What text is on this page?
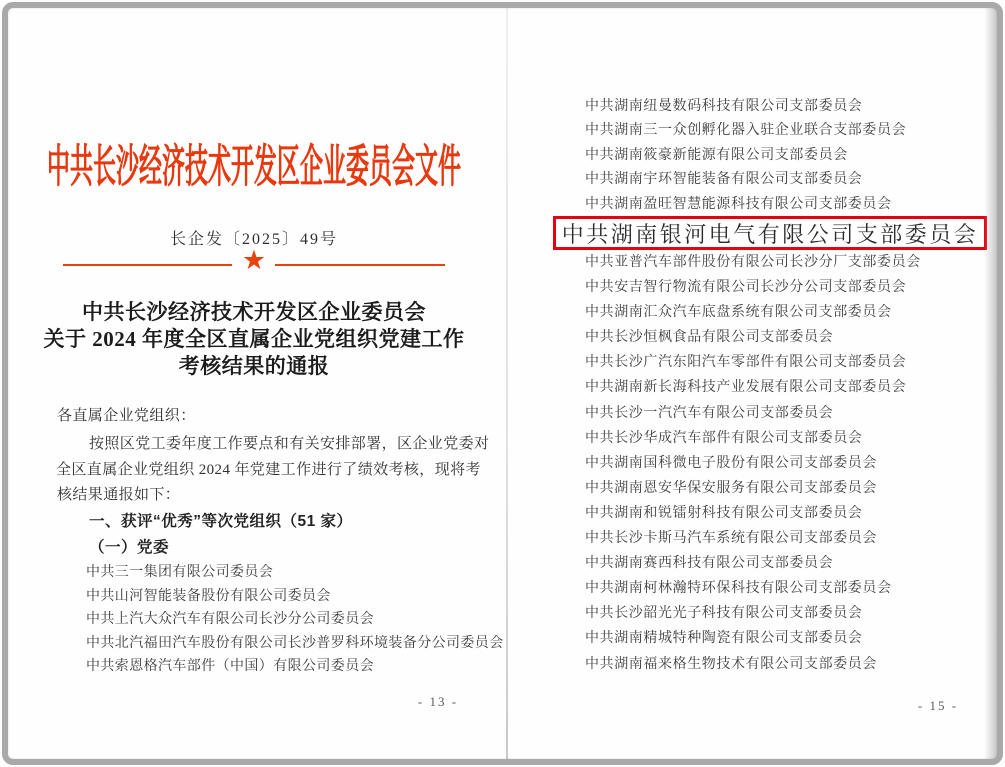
中共长沙经济技术开发区企业委员会文件
长企发〔2025〕49号
★
中共长沙经济技术开发区企业委员会
关于 2024 年度全区直属企业党组织党建工作
考核结果的通报
各直属企业党组织：
按照区党工委年度工作要点和有关安排部署，区企业党委对
全区直属企业党组织 2024 年党建工作进行了绩效考核，现将考
核结果通报如下：
一、获评“优秀”等次党组织（51 家）
（一）党委
中共三一集团有限公司委员会
中共山河智能装备股份有限公司委员会
中共上汽大众汽车有限公司长沙分公司委员会
中共北汽福田汽车股份有限公司长沙普罗科环境装备分公司委员会
中共索恩格汽车部件（中国）有限公司委员会
- 13 -
中共湖南纽曼数码科技有限公司支部委员会
中共湖南三一众创孵化器入驻企业联合支部委员会
中共湖南筱豪新能源有限公司支部委员会
中共湖南宇环智能装备有限公司支部委员会
中共湖南盈旺智慧能源科技有限公司支部委员会
中共湖南银河电气有限公司支部委员会
中共亚普汽车部件股份有限公司长沙分厂支部委员会
中共安吉智行物流有限公司长沙分公司支部委员会
中共湖南汇众汽车底盘系统有限公司支部委员会
中共长沙恒枫食品有限公司支部委员会
中共长沙广汽东阳汽车零部件有限公司支部委员会
中共湖南新长海科技产业发展有限公司支部委员会
中共长沙一汽汽车有限公司支部委员会
中共长沙华成汽车部件有限公司支部委员会
中共湖南国科微电子股份有限公司支部委员会
中共湖南恩安华保安服务有限公司支部委员会
中共湖南和锐镭射科技有限公司支部委员会
中共长沙卡斯马汽车系统有限公司支部委员会
中共湖南赛西科技有限公司支部委员会
中共湖南柯林瀚特环保科技有限公司支部委员会
中共长沙韶光光子科技有限公司支部委员会
中共湖南精城特种陶瓷有限公司支部委员会
中共湖南福来格生物技术有限公司支部委员会
- 15 -
